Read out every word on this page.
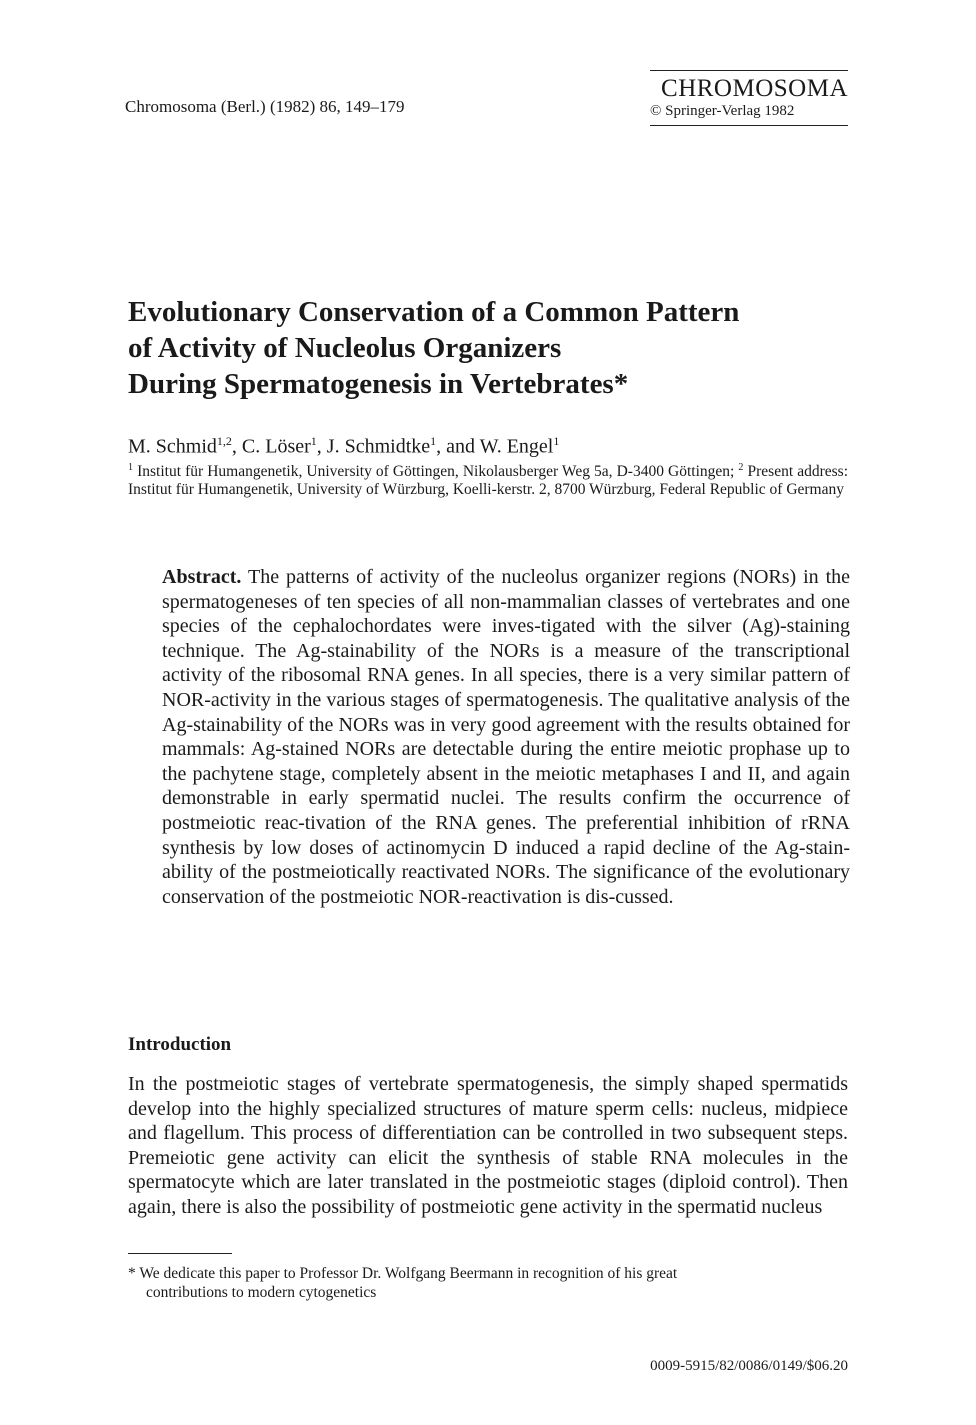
Chromosoma (Berl.) (1982) 86, 149–179
CHROMOSOMA
© Springer-Verlag 1982
Evolutionary Conservation of a Common Pattern
of Activity of Nucleolus Organizers
During Spermatogenesis in Vertebrates*
M. Schmid$^{1,2}$, C. Löser$^1$, J. Schmidtke$^1$, and W. Engel$^1$
$^1$ Institut für Humangenetik, University of Göttingen, Nikolausberger Weg 5a, D-3400 Göttingen; $^2$ Present address: Institut für Humangenetik, University of Würzburg, Koelli-kerstr. 2, 8700 Würzburg, Federal Republic of Germany
Abstract. The patterns of activity of the nucleolus organizer regions (NORs) in the spermatogeneses of ten species of all non-mammalian classes of vertebrates and one species of the cephalochordates were inves-tigated with the silver (Ag)-staining technique. The Ag-stainability of the NORs is a measure of the transcriptional activity of the ribosomal RNA genes. In all species, there is a very similar pattern of NOR-activity in the various stages of spermatogenesis. The qualitative analysis of the Ag-stainability of the NORs was in very good agreement with the results obtained for mammals: Ag-stained NORs are detectable during the entire meiotic prophase up to the pachytene stage, completely absent in the meiotic metaphases I and II, and again demonstrable in early spermatid nuclei. The results confirm the occurrence of postmeiotic reac-tivation of the RNA genes. The preferential inhibition of rRNA synthesis by low doses of actinomycin D induced a rapid decline of the Ag-stain-ability of the postmeiotically reactivated NORs. The significance of the evolutionary conservation of the postmeiotic NOR-reactivation is dis-cussed.
Introduction
In the postmeiotic stages of vertebrate spermatogenesis, the simply shaped spermatids develop into the highly specialized structures of mature sperm cells: nucleus, midpiece and flagellum. This process of differentiation can be controlled in two subsequent steps. Premeiotic gene activity can elicit the synthesis of stable RNA molecules in the spermatocyte which are later translated in the postmeiotic stages (diploid control). Then again, there is also the possibility of postmeiotic gene activity in the spermatid nucleus
* We dedicate this paper to Professor Dr. Wolfgang Beermann in recognition of his great
contributions to modern cytogenetics
0009-5915/82/0086/0149/$06.20
